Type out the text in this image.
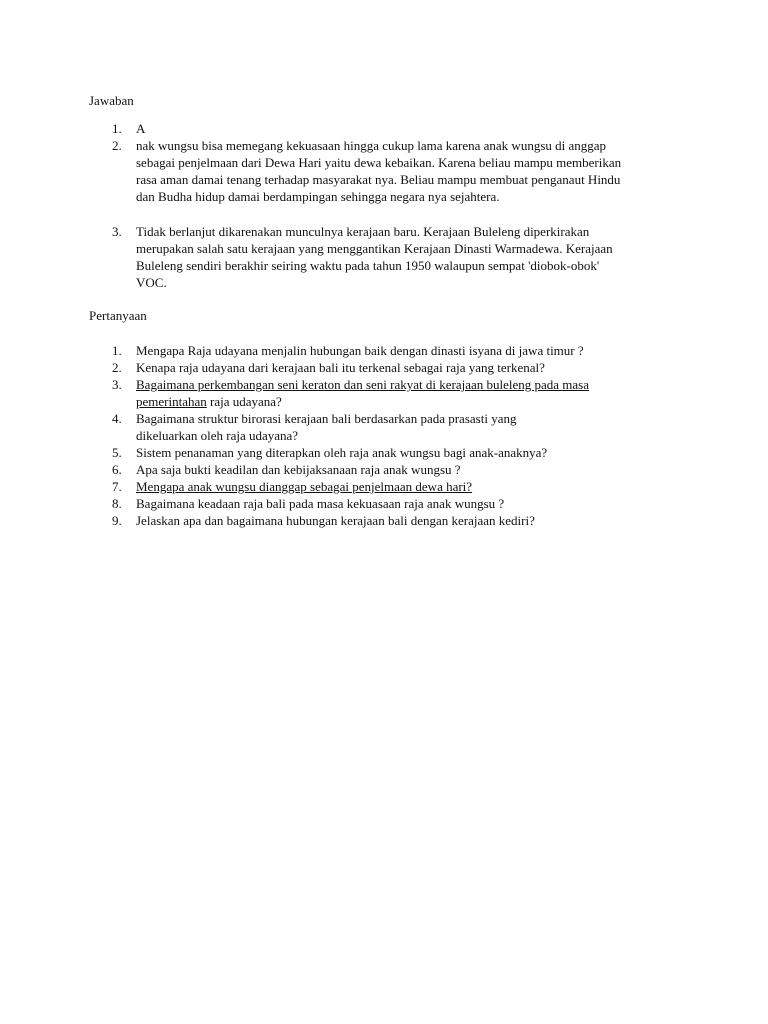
Jawaban
1.	A
2.	nak wungsu bisa memegang kekuasaan hingga cukup lama karena anak wungsu di anggap sebagai penjelmaan dari Dewa Hari yaitu dewa kebaikan. Karena beliau mampu memberikan rasa aman damai tenang terhadap masyarakat nya. Beliau mampu membuat penganaut Hindu dan Budha hidup damai berdampingan sehingga negara nya sejahtera.
3.	Tidak berlanjut dikarenakan munculnya kerajaan baru. Kerajaan Buleleng diperkirakan merupakan salah satu kerajaan yang menggantikan Kerajaan Dinasti Warmadewa. Kerajaan Buleleng sendiri berakhir seiring waktu pada tahun 1950 walaupun sempat 'diobok-obok' VOC.
Pertanyaan
1.	Mengapa Raja udayana menjalin hubungan baik dengan dinasti isyana di jawa timur ?
2.	Kenapa raja udayana dari kerajaan bali itu terkenal sebagai raja yang terkenal?
3.	Bagaimana perkembangan seni keraton dan seni rakyat di kerajaan buleleng pada masa pemerintahan raja udayana?
4.	Bagaimana struktur birorasi kerajaan bali berdasarkan pada prasasti yang dikeluarkan oleh raja udayana?
5.	Sistem penanaman yang diterapkan oleh raja anak wungsu bagi anak-anaknya?
6.	Apa saja bukti keadilan dan kebijaksanaan raja anak wungsu ?
7.	Mengapa anak wungsu dianggap sebagai penjelmaan dewa hari?
8.	Bagaimana keadaan raja bali pada masa kekuasaan raja anak wungsu ?
9.	Jelaskan apa dan bagaimana hubungan kerajaan bali dengan kerajaan kediri?
